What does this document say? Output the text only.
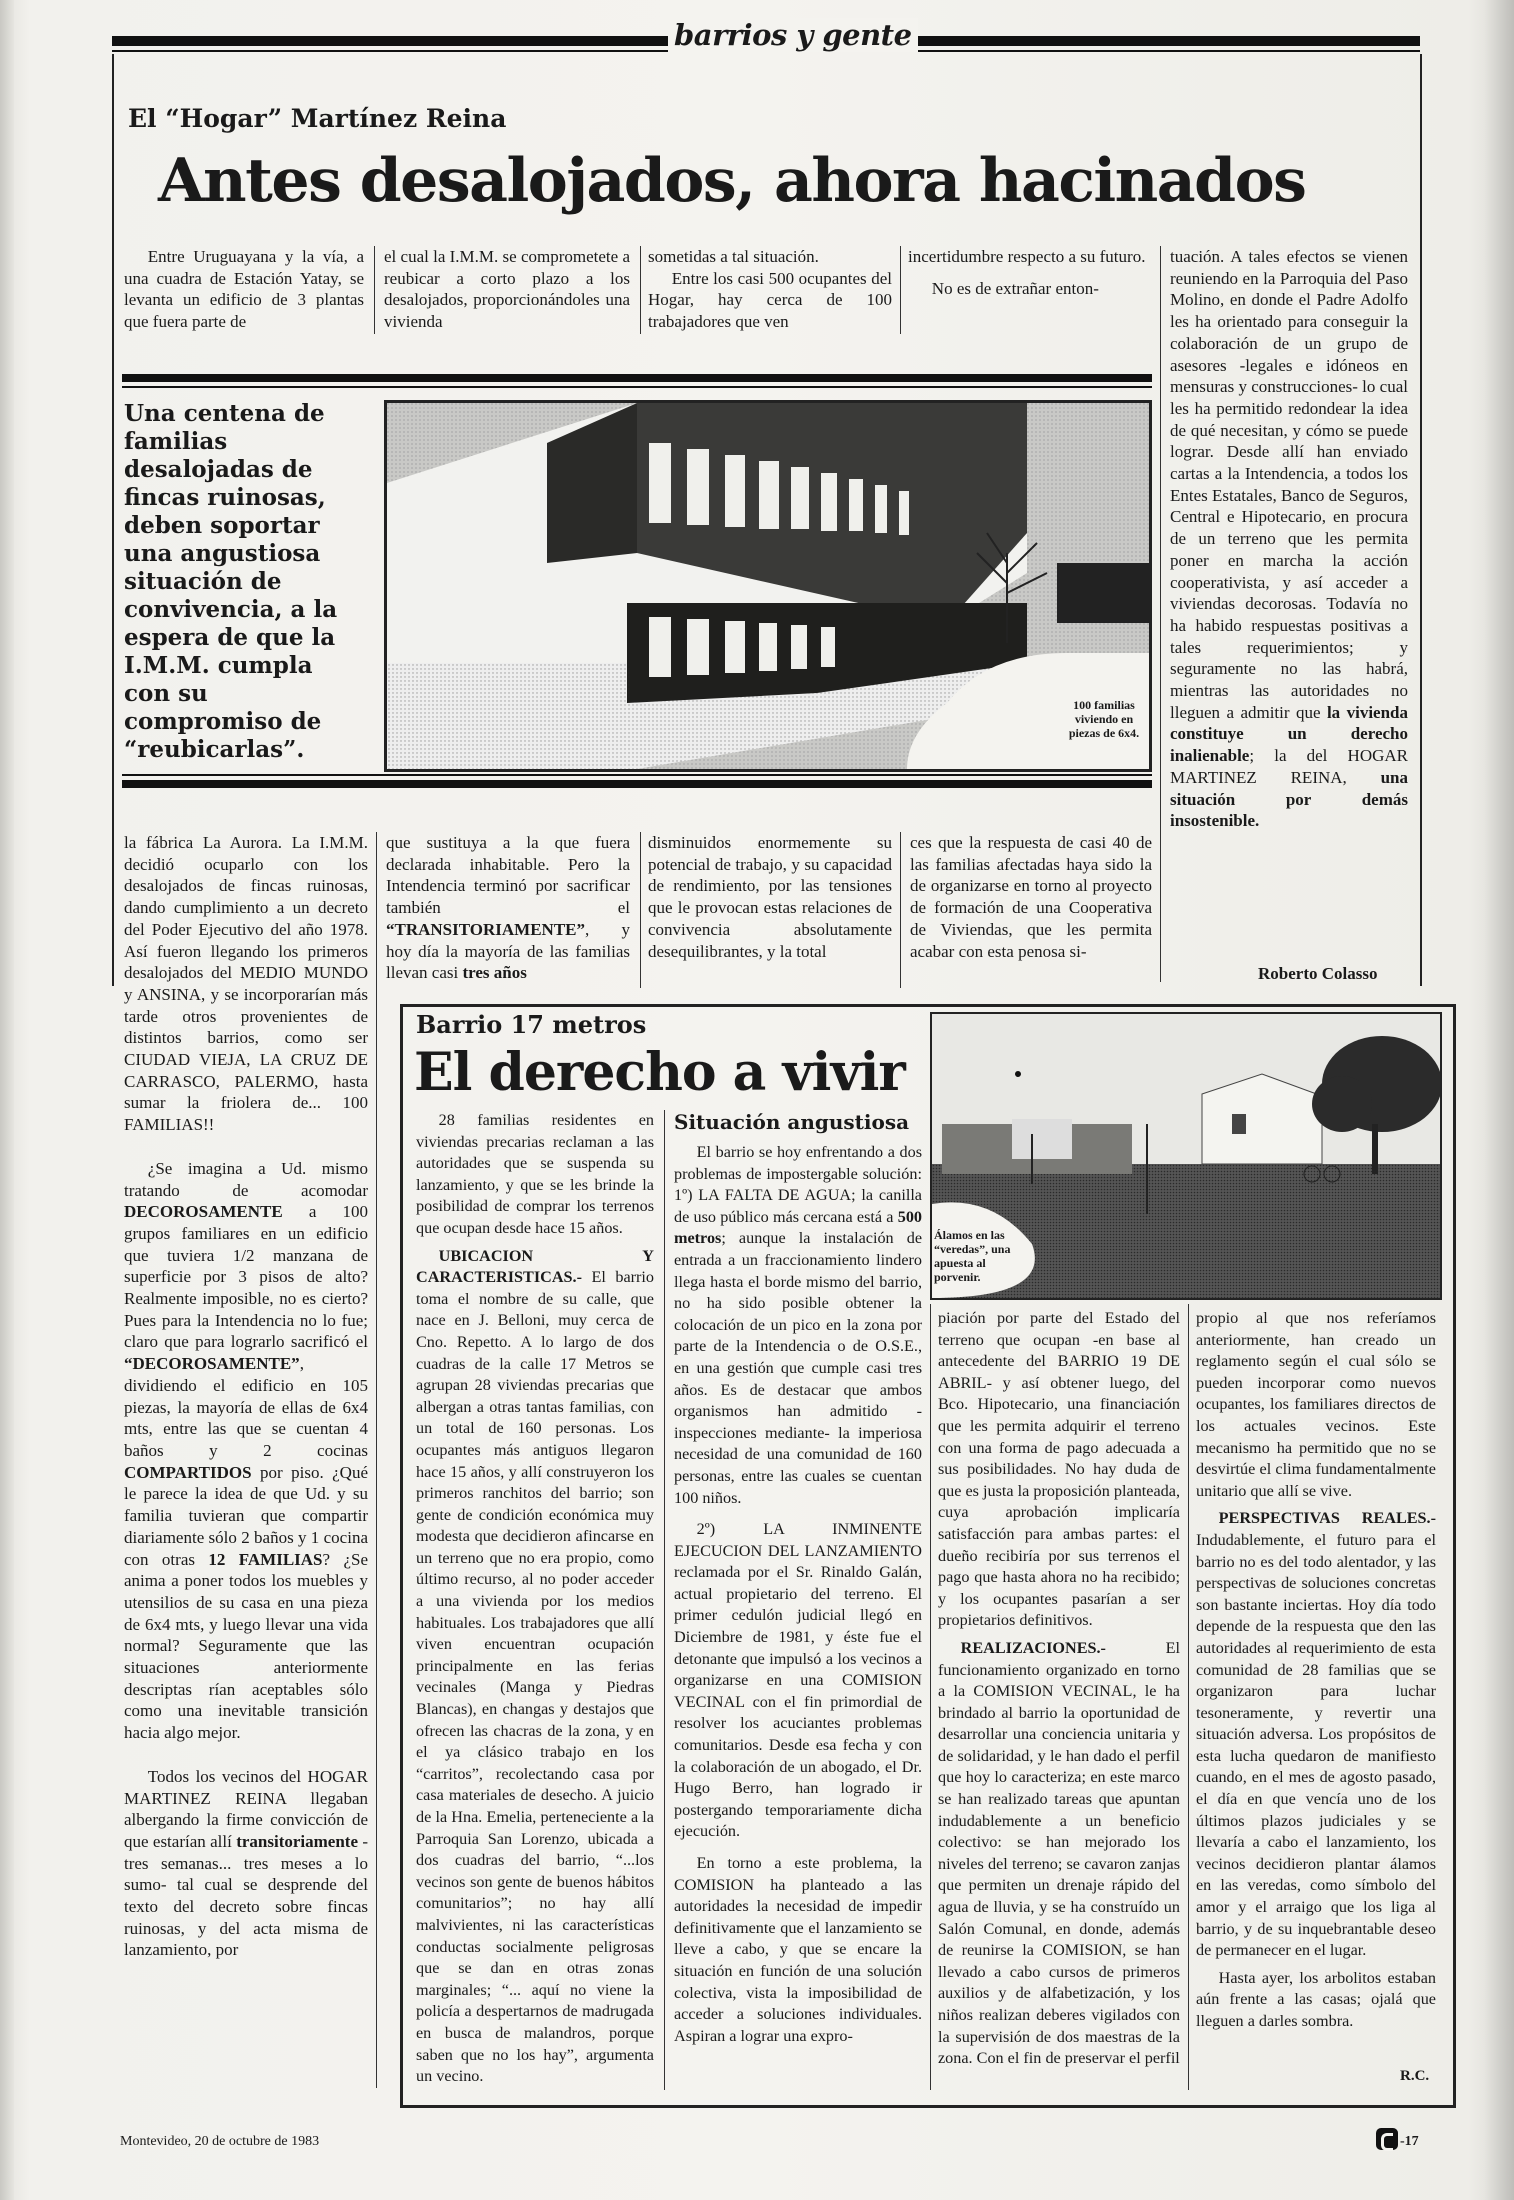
barrios y gente
El “Hogar” Martínez Reina
Antes desalojados, ahora hacinados

Entre Uruguayana y la vía, a una cuadra de Estación Yatay, se levanta un edificio de 3 plantas que fuera parte de

el cual la I.M.M. se comprometete a reubicar a corto plazo a los desalojados, proporcionándoles una vivienda

sometidas a tal situación.

Entre los casi 500 ocupantes del Hogar, hay cerca de 100 trabajadores que ven

incertidumbre respecto a su futuro.

No es de extrañar enton-

Una centena de familias desalojadas de fincas ruinosas, deben soportar una angustiosa situación de convivencia, a la espera de que la I.M.M. cumpla con su compromiso de “reubicarlas”.
100 familias viviendo en piezas de 6x4.

tuación. A tales efectos se vienen reuniendo en la Parroquia del Paso Molino, en donde el Padre Adolfo les ha orientado para conseguir la colaboración de un grupo de asesores -legales e idóneos en mensuras y construcciones- lo cual les ha permitido redondear la idea de qué necesitan, y cómo se puede lograr. Desde allí han enviado cartas a la Intendencia, a todos los Entes Estatales, Banco de Seguros, Central e Hipotecario, en procura de un terreno que les permita poner en marcha la acción cooperativista, y así acceder a viviendas decorosas. Todavía no ha habido respuestas positivas a tales requerimientos; y seguramente no las habrá, mientras las autoridades no lleguen a admitir que la vivienda constituye un derecho inalienable; la del HOGAR MARTINEZ REINA, una situación por demás insostenible.

Roberto Colasso

la fábrica La Aurora. La I.M.M. decidió ocuparlo con los desalojados de fincas ruinosas, dando cumplimiento a un decreto del Poder Ejecutivo del año 1978. Así fueron llegando los primeros desalojados del MEDIO MUNDO y ANSINA, y se incorporarían más tarde otros provenientes de distintos barrios, como ser CIUDAD VIEJA, LA CRUZ DE CARRASCO, PALERMO, hasta sumar la friolera de... 100 FAMILIAS!!

¿Se imagina a Ud. mismo tratando de acomodar DECOROSAMENTE a 100 grupos familiares en un edificio que tuviera 1/2 manzana de superficie por 3 pisos de alto? Realmente imposible, no es cierto? Pues para la Intendencia no lo fue; claro que para lograrlo sacrificó el “DECOROSAMENTE”, dividiendo el edificio en 105 piezas, la mayoría de ellas de 6x4 mts, entre las que se cuentan 4 baños y 2 cocinas COMPARTIDOS por piso. ¿Qué le parece la idea de que Ud. y su familia tuvieran que compartir diariamente sólo 2 baños y 1 cocina con otras 12 FAMILIAS? ¿Se anima a poner todos los muebles y utensilios de su casa en una pieza de 6x4 mts, y luego llevar una vida normal? Seguramente que las situaciones anteriormente descriptas rían aceptables sólo como una inevitable transición hacia algo mejor.

Todos los vecinos del HOGAR MARTINEZ REINA llegaban albergando la firme convicción de que estarían allí transitoriamente -tres semanas... tres meses a lo sumo- tal cual se desprende del texto del decreto sobre fincas ruinosas, y del acta misma de lanzamiento, por

que sustituya a la que fuera declarada inhabitable. Pero la Intendencia terminó por sacrificar también el “TRANSITORIAMENTE”, y hoy día la mayoría de las familias llevan casi tres años

disminuidos enormemente su potencial de trabajo, y su capacidad de rendimiento, por las tensiones que le provocan estas relaciones de convivencia absolutamente desequilibrantes, y la total

ces que la respuesta de casi 40 de las familias afectadas haya sido la de organizarse en torno al proyecto de formación de una Cooperativa de Viviendas, que les permita acabar con esta penosa si-

Barrio 17 metros
El derecho a vivir
Álamos en las “veredas”, una apuesta al porvenir.

28 familias residentes en viviendas precarias reclaman a las autoridades que se suspenda su lanzamiento, y que se les brinde la posibilidad de comprar los terrenos que ocupan desde hace 15 años.

UBICACION Y CARACTERISTICAS.- El barrio toma el nombre de su calle, que nace en J. Belloni, muy cerca de Cno. Repetto. A lo largo de dos cuadras de la calle 17 Metros se agrupan 28 viviendas precarias que albergan a otras tantas familias, con un total de 160 personas. Los ocupantes más antiguos llegaron hace 15 años, y allí construyeron los primeros ranchitos del barrio; son gente de condición económica muy modesta que decidieron afincarse en un terreno que no era propio, como último recurso, al no poder acceder a una vivienda por los medios habituales. Los trabajadores que allí viven encuentran ocupación principalmente en las ferias vecinales (Manga y Piedras Blancas), en changas y destajos que ofrecen las chacras de la zona, y en el ya clásico trabajo en los “carritos”, recolectando casa por casa materiales de desecho. A juicio de la Hna. Emelia, perteneciente a la Parroquia San Lorenzo, ubicada a dos cuadras del barrio, “...los vecinos son gente de buenos hábitos comunitarios”; no hay allí malvivientes, ni las características conductas socialmente peligrosas que se dan en otras zonas marginales; “... aquí no viene la policía a despertarnos de madrugada en busca de malandros, porque saben que no los hay”, argumenta un vecino.

Situación angustiosa

El barrio se hoy enfrentando a dos problemas de impostergable solución: 1º) LA FALTA DE AGUA; la canilla de uso público más cercana está a 500 metros; aunque la instalación de entrada a un fraccionamiento lindero llega hasta el borde mismo del barrio, no ha sido posible obtener la colocación de un pico en la zona por parte de la Intendencia o de O.S.E., en una gestión que cumple casi tres años. Es de destacar que ambos organismos han admitido -inspecciones mediante- la imperiosa necesidad de una comunidad de 160 personas, entre las cuales se cuentan 100 niños.

2º) LA INMINENTE EJECUCION DEL LANZAMIENTO reclamada por el Sr. Rinaldo Galán, actual propietario del terreno. El primer cedulón judicial llegó en Diciembre de 1981, y éste fue el detonante que impulsó a los vecinos a organizarse en una COMISION VECINAL con el fin primordial de resolver los acuciantes problemas comunitarios. Desde esa fecha y con la colaboración de un abogado, el Dr. Hugo Berro, han logrado ir postergando temporariamente dicha ejecución.

En torno a este problema, la COMISION ha planteado a las autoridades la necesidad de impedir definitivamente que el lanzamiento se lleve a cabo, y que se encare la situación en función de una solución colectiva, vista la imposibilidad de acceder a soluciones individuales. Aspiran a lograr una expro-

piación por parte del Estado del terreno que ocupan -en base al antecedente del BARRIO 19 DE ABRIL- y así obtener luego, del Bco. Hipotecario, una financiación que les permita adquirir el terreno con una forma de pago adecuada a sus posibilidades. No hay duda de que es justa la proposición planteada, cuya aprobación implicaría satisfacción para ambas partes: el dueño recibiría por sus terrenos el pago que hasta ahora no ha recibido; y los ocupantes pasarían a ser propietarios definitivos.

REALIZACIONES.-	El funcionamiento organizado en torno a la COMISION VECINAL, le ha brindado al barrio la oportunidad de desarrollar una conciencia unitaria y de solidaridad, y le han dado el perfil que hoy lo caracteriza; en este marco se han realizado tareas que apuntan indudablemente a un beneficio colectivo: se han mejorado los niveles del terreno; se cavaron zanjas que permiten un drenaje rápido del agua de lluvia, y se ha construído un Salón Comunal, en donde, además de reunirse la COMISION, se han llevado a cabo cursos de primeros auxilios y de alfabetización, y los niños realizan deberes vigilados con la supervisión de dos maestras de la zona. Con el fin de preservar el perfil

propio al que nos referíamos anteriormente, han creado un reglamento según el cual sólo se pueden incorporar como nuevos ocupantes, los familiares directos de los actuales vecinos. Este mecanismo ha permitido que no se desvirtúe el clima fundamentalmente unitario que allí se vive.

PERSPECTIVAS REALES.- Indudablemente, el futuro para el barrio no es del todo alentador, y las perspectivas de soluciones concretas son bastante inciertas. Hoy día todo depende de la respuesta que den las autoridades al requerimiento de esta comunidad de 28 familias que se organizaron para luchar tesoneramente, y revertir una situación adversa. Los propósitos de esta lucha quedaron de manifiesto cuando, en el mes de agosto pasado, el día en que vencía uno de los últimos plazos judiciales y se llevaría a cabo el lanzamiento, los vecinos decidieron plantar álamos en las veredas, como símbolo del amor y el arraigo que los liga al barrio, y de su inquebrantable deseo de permanecer en el lugar.

Hasta ayer, los arbolitos estaban aún frente a las casas; ojalá que lleguen a darles sombra.

R.C.
Montevideo, 20 de octubre de 1983	-17
